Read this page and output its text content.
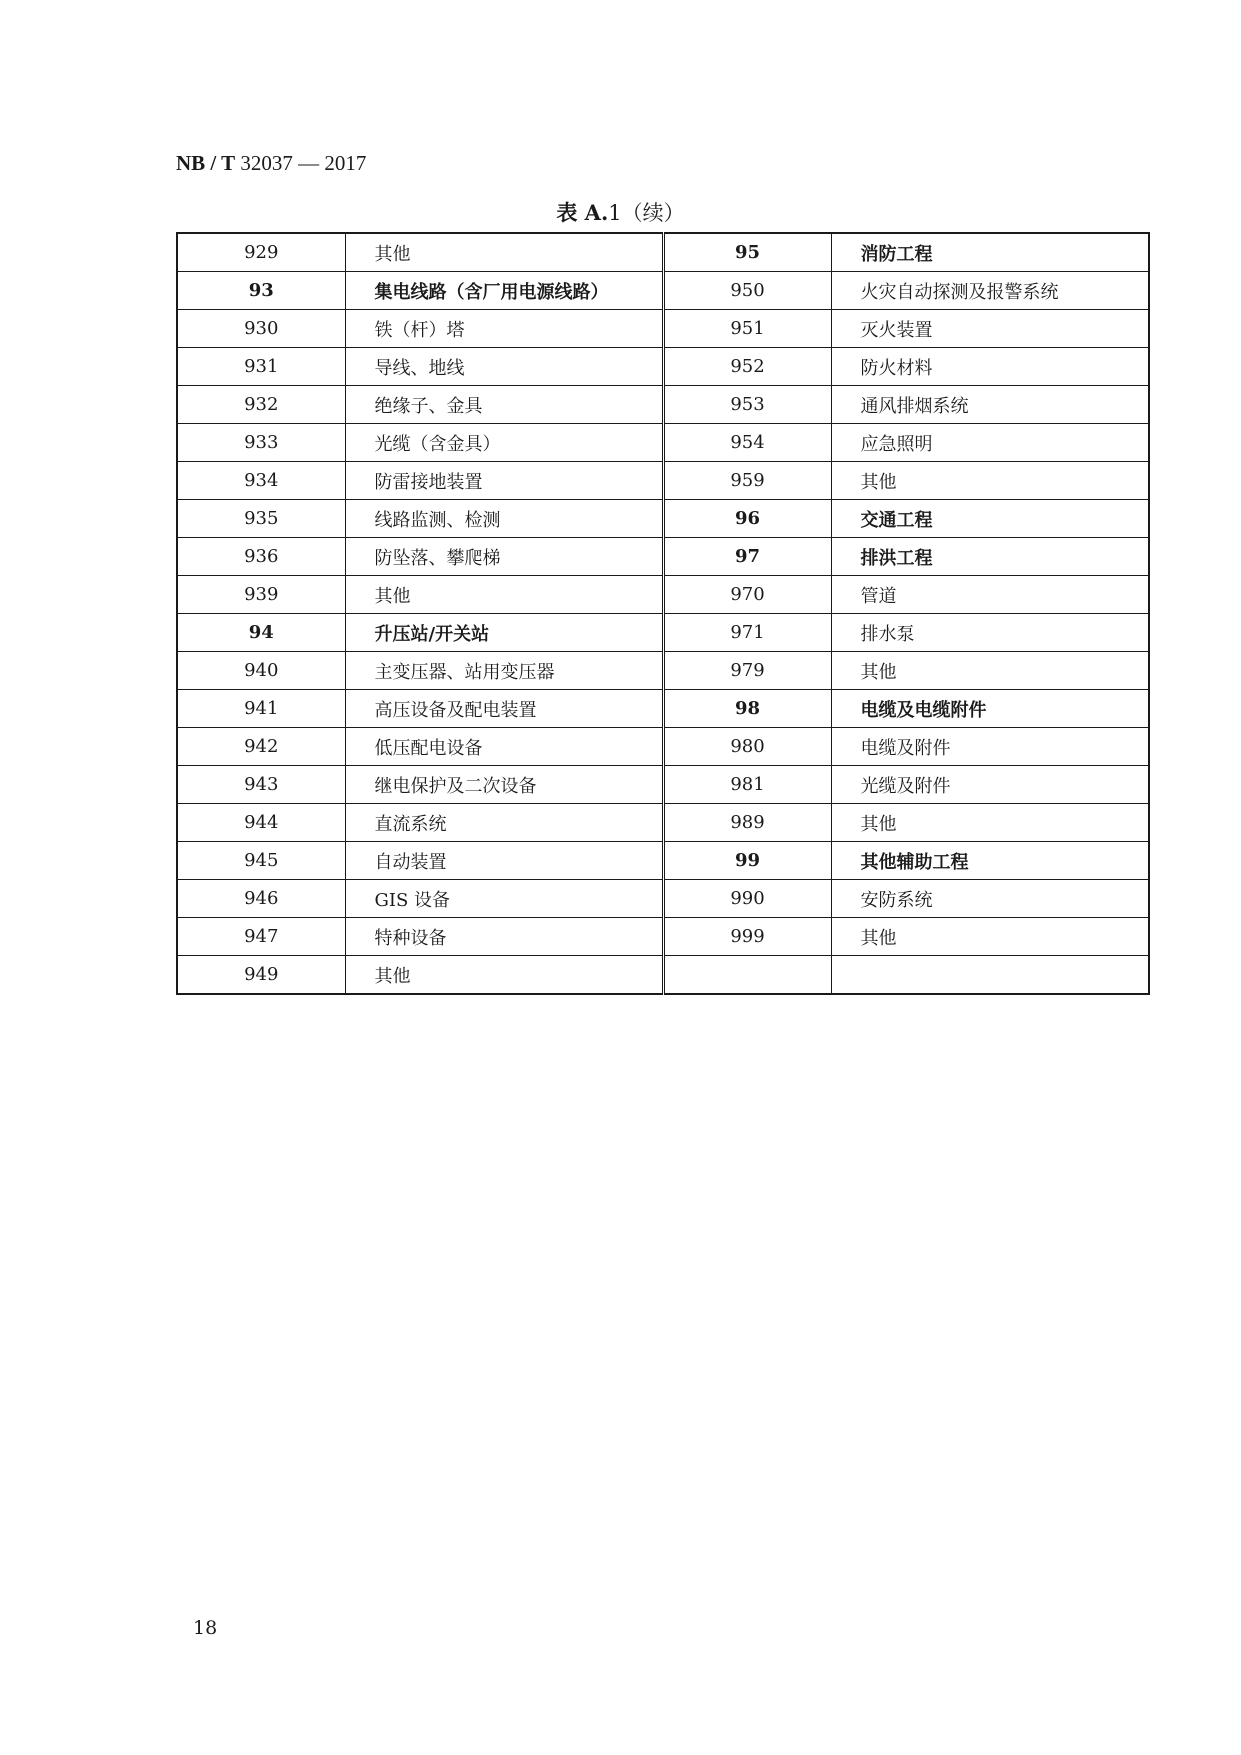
NB / T 32037 — 2017
表 A.1（续）
929	其他	95	消防工程
93	集电线路（含厂用电源线路）	950	火灾自动探测及报警系统
930	铁（杆）塔	951	灭火装置
931	导线、地线	952	防火材料
932	绝缘子、金具	953	通风排烟系统
933	光缆（含金具）	954	应急照明
934	防雷接地装置	959	其他
935	线路监测、检测	96	交通工程
936	防坠落、攀爬梯	97	排洪工程
939	其他	970	管道
94	升压站/开关站	971	排水泵
940	主变压器、站用变压器	979	其他
941	高压设备及配电装置	98	电缆及电缆附件
942	低压配电设备	980	电缆及附件
943	继电保护及二次设备	981	光缆及附件
944	直流系统	989	其他
945	自动装置	99	其他辅助工程
946	GIS 设备	990	安防系统
947	特种设备	999	其他
949	其他		
18
